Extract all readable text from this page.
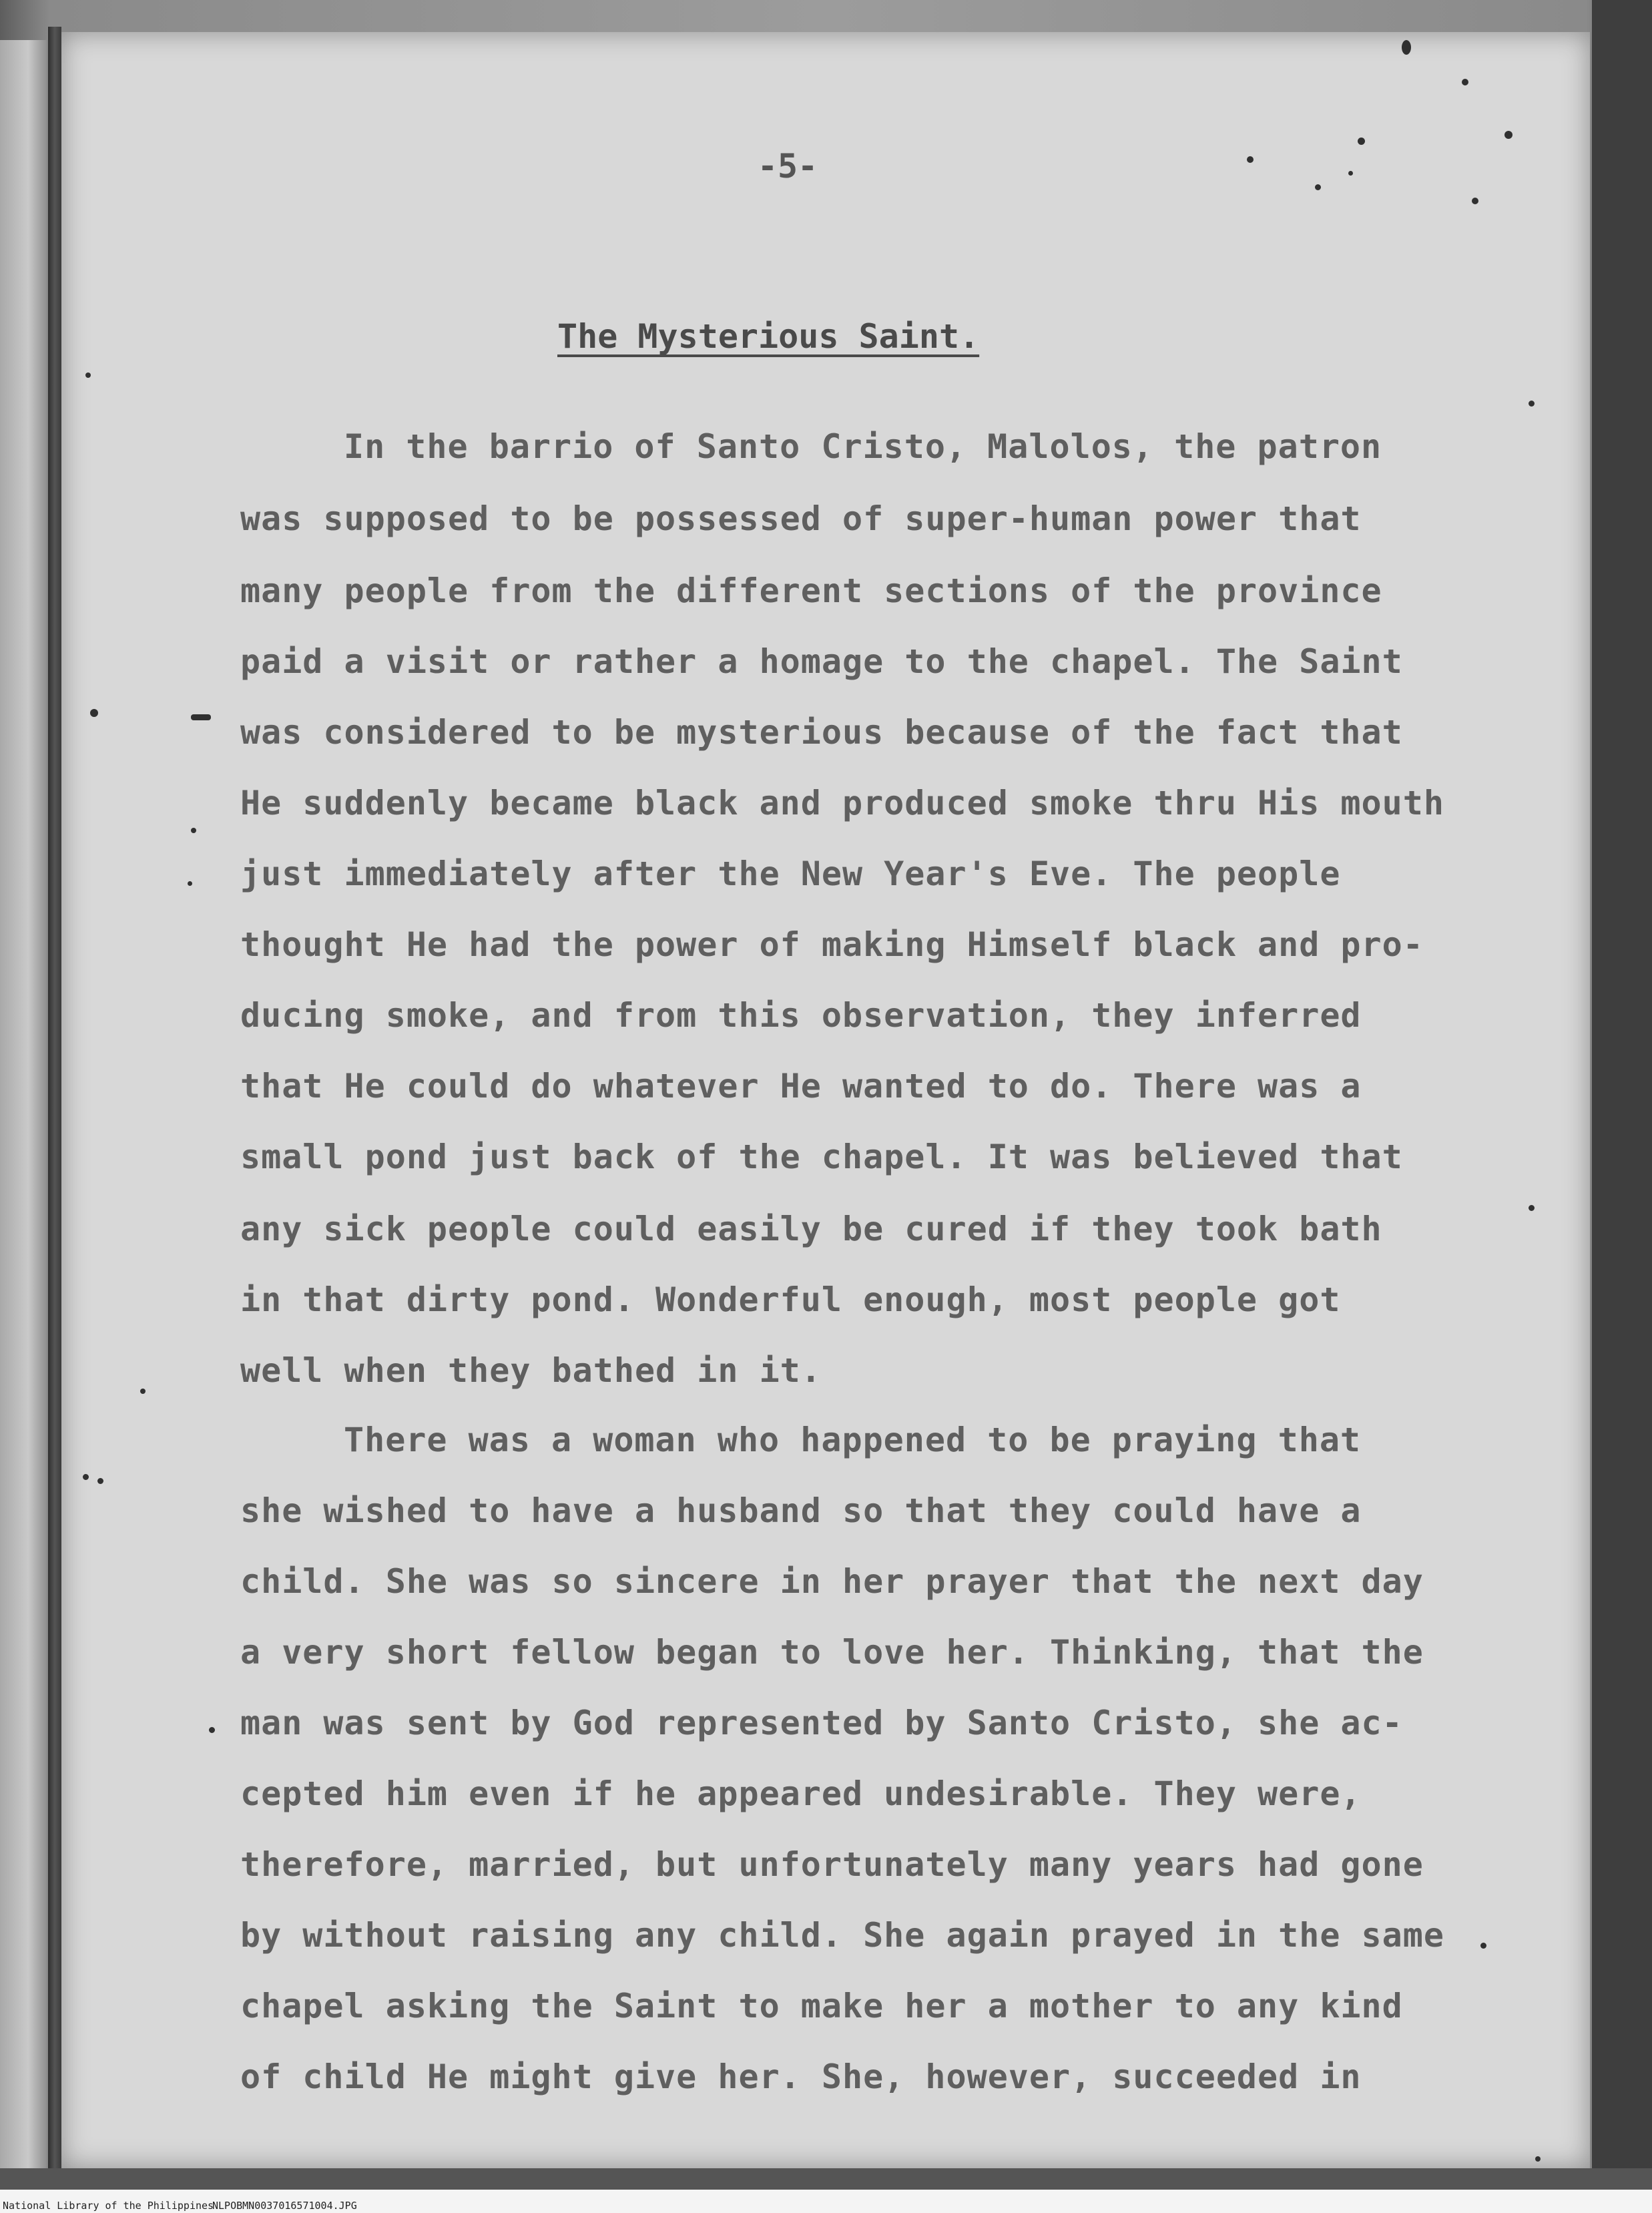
-5-
The Mysterious Saint.
In the barrio of Santo Cristo, Malolos, the patron
was supposed to be possessed of super-human power that
many people from the different sections of the province
paid a visit or rather a homage to the chapel. The Saint
was considered to be mysterious because of the fact that
He suddenly became black and produced smoke thru His mouth
just immediately after the New Year's Eve. The people
thought He had the power of making Himself black and pro-
ducing smoke, and from this observation, they inferred
that He could do whatever He wanted to do. There was a
small pond just back of the chapel. It was believed that
any sick people could easily be cured if they took bath
in that dirty pond. Wonderful enough, most people got
well when they bathed in it.
There was a woman who happened to be praying that
she wished to have a husband so that they could have a
child. She was so sincere in her prayer that the next day
a very short fellow began to love her. Thinking, that the
man was sent by God represented by Santo Cristo, she ac-
cepted him even if he appeared undesirable. They were,
therefore, married, but unfortunately many years had gone
by without raising any child. She again prayed in the same
chapel asking the Saint to make her a mother to any kind
of child He might give her. She, however, succeeded in
National Library of the Philippines
NLPOBMN0037016571004.JPG
